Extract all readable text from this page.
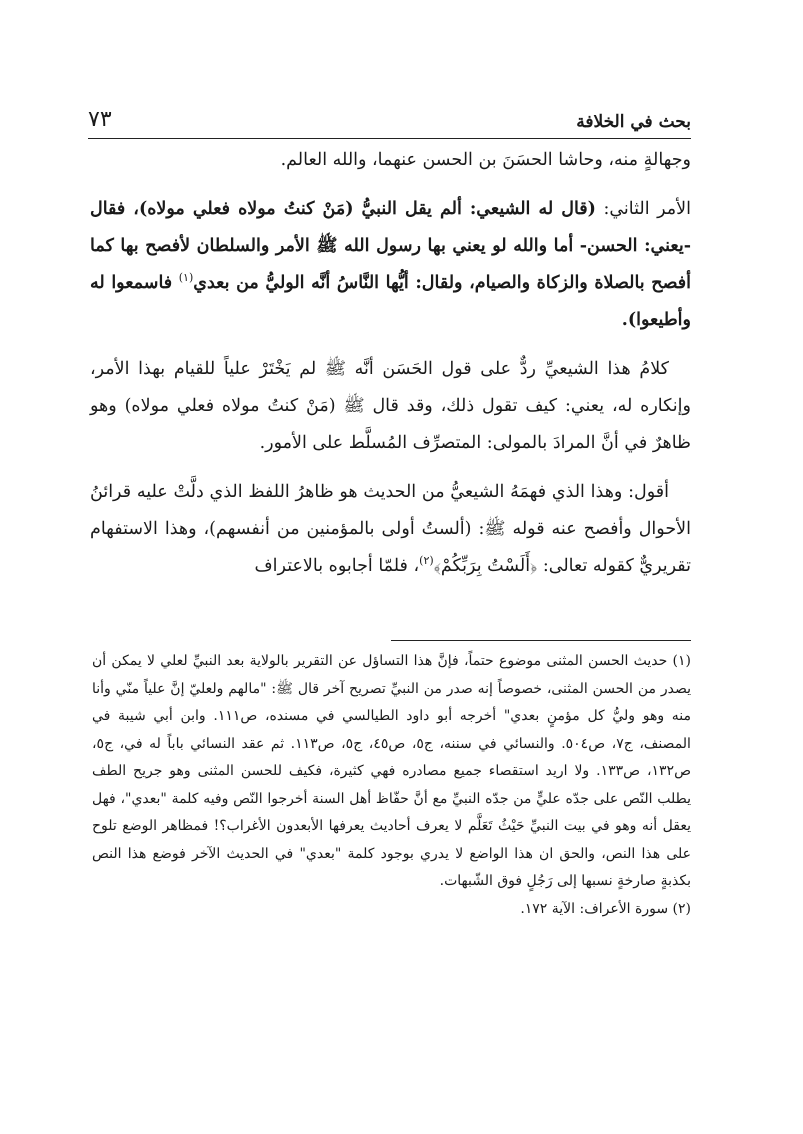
بحث في الخلافة
٧٣

وجهالةٍ منه، وحاشا الحسَنَ بن الحسن عنهما، والله العالم.

الأمر الثاني: (قال له الشيعي: ألم يقل النبيُّ (مَنْ كنتُ مولاه فعلي مولاه)، فقال -يعني: الحسن- أما والله لو يعني بها رسول الله ﷺ الأمر والسلطان لأفصح بها كما أفصح بالصلاة والزكاة والصيام، ولقال: أيُّها النَّاسُ أنَّه الوليُّ من بعدي$^{(١)}$ فاسمعوا له وأطيعوا).

كلامُ هذا الشيعيِّ ردٌّ على قول الحَسَن أنَّه ﷺ لم يَخْتَرْ علياً للقيام بهذا الأمر، وإنكاره له، يعني: كيف تقول ذلك، وقد قال ﷺ (مَنْ كنتُ مولاه فعلي مولاه) وهو ظاهرٌ في أنَّ المرادَ بالمولى: المتصرِّف المُسلَّط على الأمور.

أقول: وهذا الذي فهمَهُ الشيعيُّ من الحديث هو ظاهرُ اللفظ الذي دلَّتْ عليه قرائنُ الأحوال وأفصح عنه قوله ﷺ: (ألستُ أولى بالمؤمنين من أنفسهم)، وهذا الاستفهام تقريريٌّ كقوله تعالى: ﴿أَلَسْتُ بِرَبِّكُمْ﴾$^{(٢)}$، فلمّا أجابوه بالاعتراف

(١) حديث الحسن المثنى موضوع حتماً، فإنَّ هذا التساؤل عن التقرير بالولاية بعد النبيِّ لعلي لا يمكن أن يصدر من الحسن المثنى، خصوصاً إنه صدر من النبيِّ تصريح آخر قال ﷺ: "مالهم ولعليّ إنَّ علياً منّي وأنا منه وهو وليُّ كل مؤمنٍ بعدي" أخرجه أبو داود الطيالسي في مسنده، ص١١١. وابن أبي شيبة في المصنف، ج٧، ص٥٠٤. والنسائي في سننه، ج٥، ص٤٥، ج٥، ص١١٣. ثم عقد النسائي باباً له في، ج٥، ص١٣٢، ص١٣٣. ولا اريد استقصاء جميع مصادره فهي كثيرة، فكيف للحسن المثنى وهو جريح الطف يطلب النّص على جدّه عليٍّ من جدّه النبيِّ مع أنَّ حفّاظ أهل السنة أخرجوا النّص وفيه كلمة "بعدي"، فهل يعقل أنه وهو في بيت النبيِّ حَيْثُ تَعَلَّم لا يعرف أحاديث يعرفها الأبعدون الأغراب؟! فمظاهر الوضع تلوح على هذا النص، والحق ان هذا الواضع لا يدري بوجود كلمة "بعدي" في الحديث الآخر فوضع هذا النص بكذبةٍ صارخةٍ نسبها إلى رَجُلٍ فوق الشّبهات.

(٢) سورة الأعراف: الآية ١٧٢.
